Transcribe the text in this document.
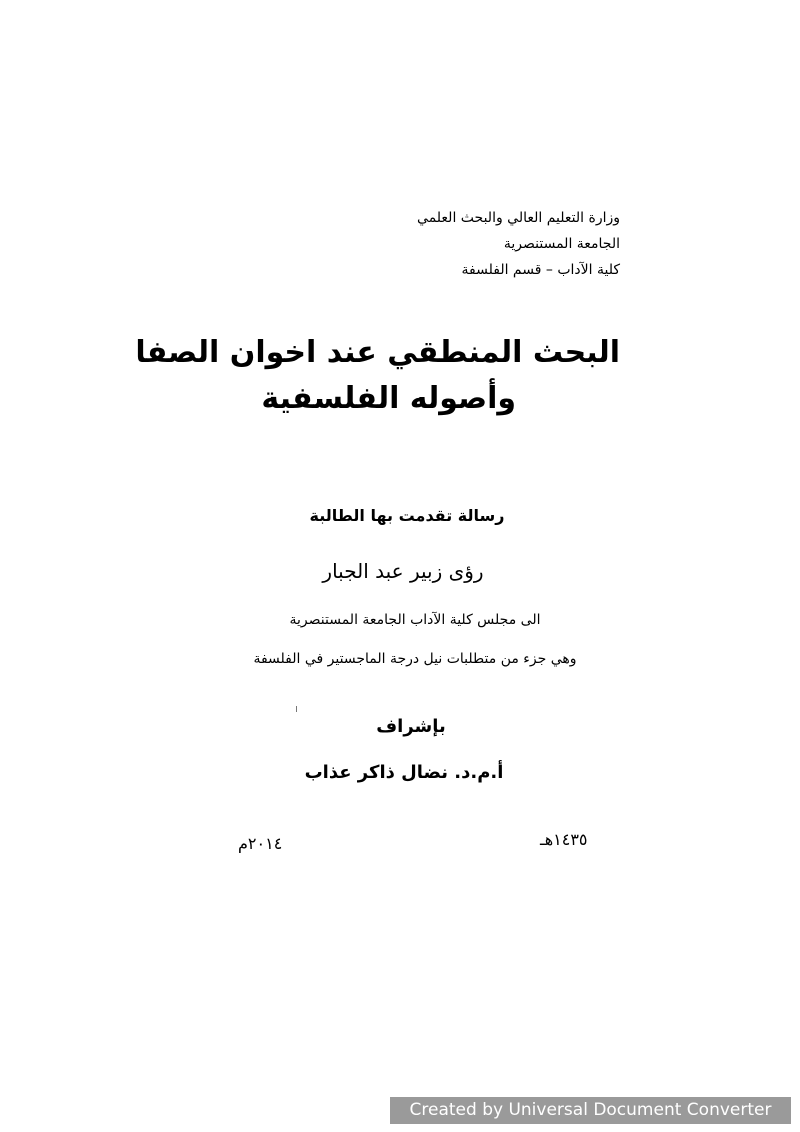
وزارة التعليم العالي والبحث العلمي
الجامعة المستنصرية
كلية الآداب – قسم الفلسفة
البحث المنطقي عند اخوان الصفا
وأصوله الفلسفية
رسالة تقدمت بها الطالبة
رؤى زبير عبد الجبار
الى مجلس كلية الآداب الجامعة المستنصرية
وهي جزء من متطلبات نيل درجة الماجستير في الفلسفة
بإشراف
أ.م.د. نضال ذاكر عذاب
١٤٣٥هـ
٢٠١٤م
Created by Universal Document Converter
